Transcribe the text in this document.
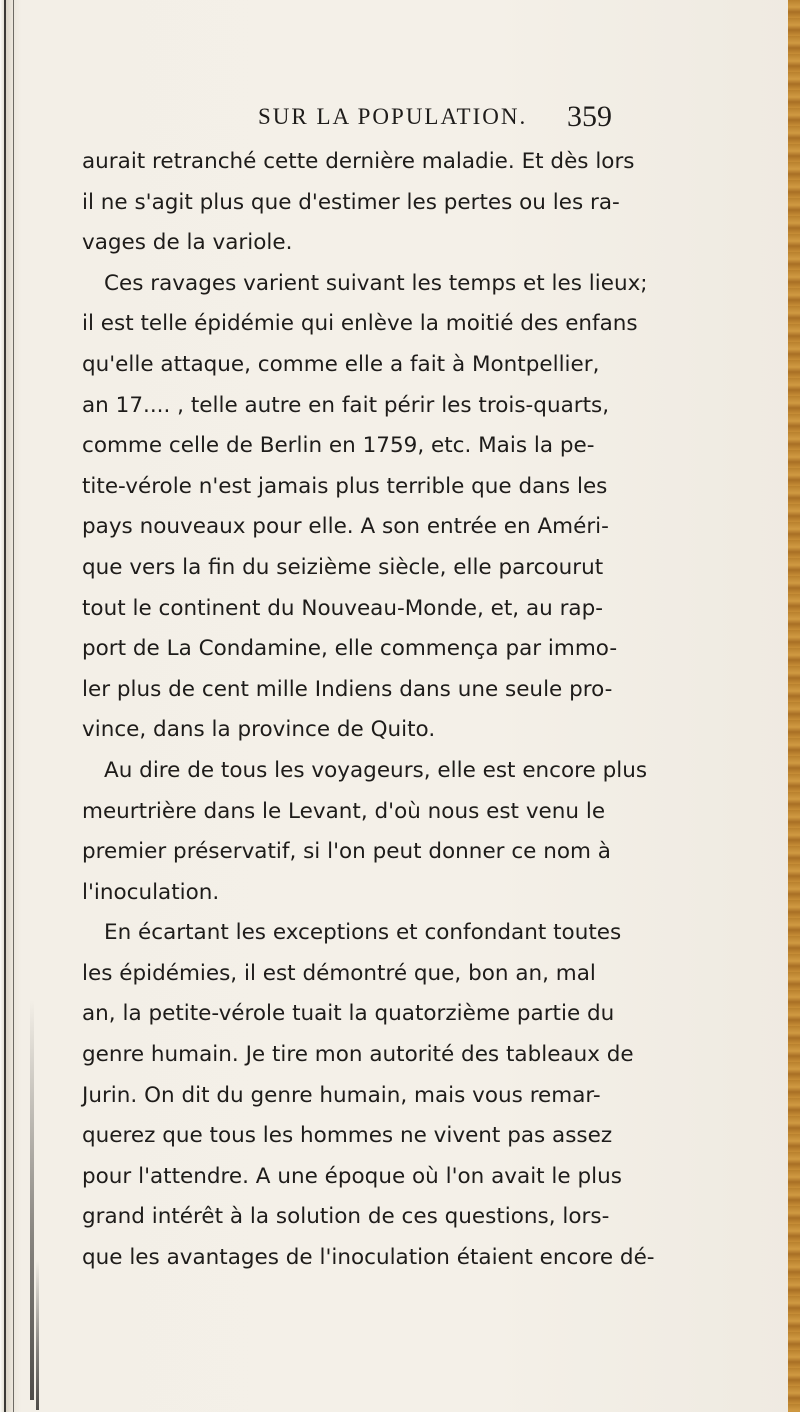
SUR LA POPULATION. 359
aurait retranché cette dernière maladie. Et dès lors
il ne s'agit plus que d'estimer les pertes ou les ra-
vages de la variole.
Ces ravages varient suivant les temps et les lieux;
il est telle épidémie qui enlève la moitié des enfans
qu'elle attaque, comme elle a fait à Montpellier,
an 17.... , telle autre en fait périr les trois-quarts,
comme celle de Berlin en 1759, etc. Mais la pe-
tite-vérole n'est jamais plus terrible que dans les
pays nouveaux pour elle. A son entrée en Améri-
que vers la fin du seizième siècle, elle parcourut
tout le continent du Nouveau-Monde, et, au rap-
port de La Condamine, elle commença par immo-
ler plus de cent mille Indiens dans une seule pro-
vince, dans la province de Quito.
Au dire de tous les voyageurs, elle est encore plus
meurtrière dans le Levant, d'où nous est venu le
premier préservatif, si l'on peut donner ce nom à
l'inoculation.
En écartant les exceptions et confondant toutes
les épidémies, il est démontré que, bon an, mal
an, la petite-vérole tuait la quatorzième partie du
genre humain. Je tire mon autorité des tableaux de
Jurin. On dit du genre humain, mais vous remar-
querez que tous les hommes ne vivent pas assez
pour l'attendre. A une époque où l'on avait le plus
grand intérêt à la solution de ces questions, lors-
que les avantages de l'inoculation étaient encore dé-
